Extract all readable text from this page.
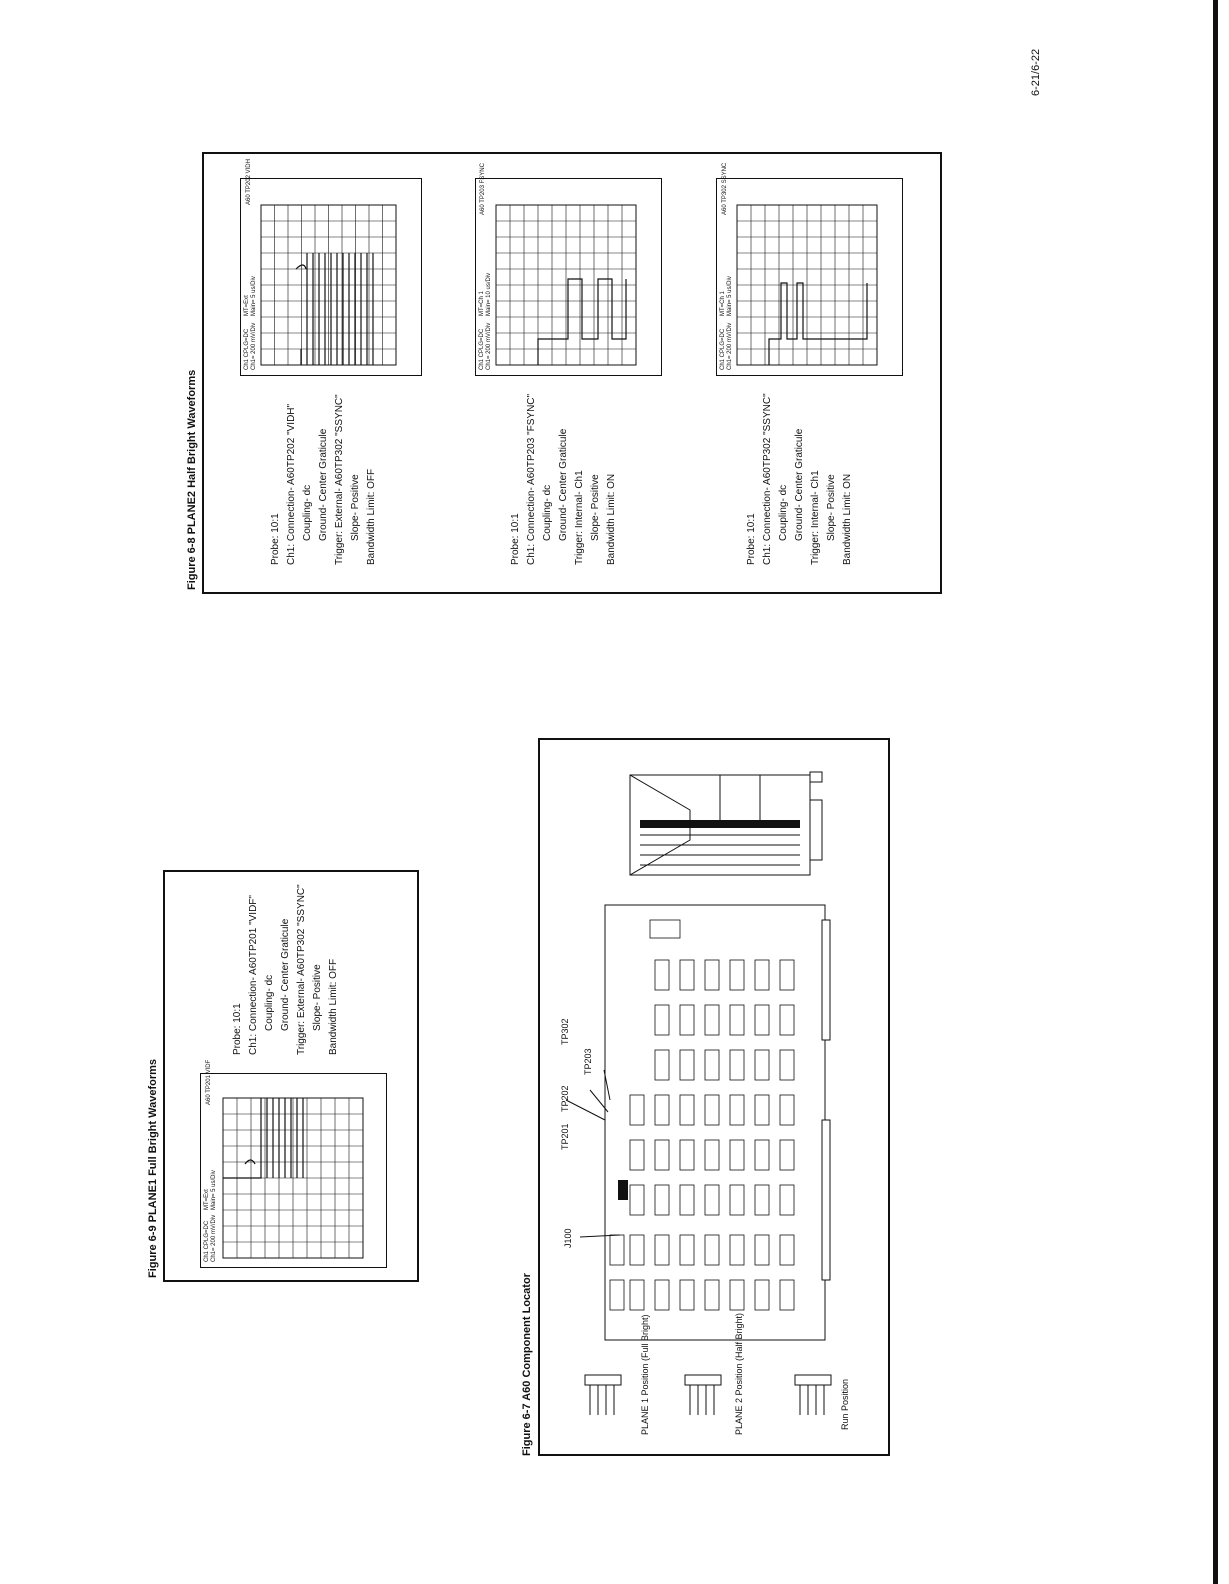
6-21/6-22
Figure 6-8 PLANE2 Half Bright Waveforms	Probe: 10:1 Ch1: Connection- A60TP202 "VIDH" Coupling- dc Ground- Center Graticule Trigger: External- A60TP302 "SSYNC" Slope- Positive Bandwidth Limit: OFF
A60 TP202 VIDH
Ch1 CPLG=DC Ch1= 200 mV/Div
MT=Ext Main= 5 us/Div
Probe: 10:1 Ch1: Connection- A60TP203 "FSYNC" Coupling- dc Ground- Center Graticule Trigger: Internal- Ch1 Slope- Positive Bandwidth Limit: ON
A60 TP203 FSYNC
Ch1 CPLG=DC Ch1= 200 mV/Div
MT=Ch 1 Main= 10 us/Div
Probe: 10:1 Ch1: Connection- A60TP302 "SSYNC" Coupling- dc Ground- Center Graticule Trigger: Internal- Ch1 Slope- Positive Bandwidth Limit: ON
A60 TP302 SSYNC
Ch1 CPLG=DC Ch1= 200 mV/Div
MT=Ch 1 Main= 5 us/Div
Figure 6-9 PLANE1 Full Bright Waveforms
Probe: 10:1 Ch1: Connection- A60TP201 "VIDF" Coupling- dc Ground- Center Graticule Trigger: External- A60TP302 "SSYNC" Slope- Positive Bandwidth Limit: OFF
A60 TP201 VIDF
Ch1 CPLG=DC Ch1= 200 mV/Div
MT=Ext Main= 5 us/Div
Figure 6-7 A60 Component Locator
J100
TP201
TP202
TP203
TP302
PLANE 1 Position (Full Bright)	PLANE 2 Position (Half Bright)	Run Position
